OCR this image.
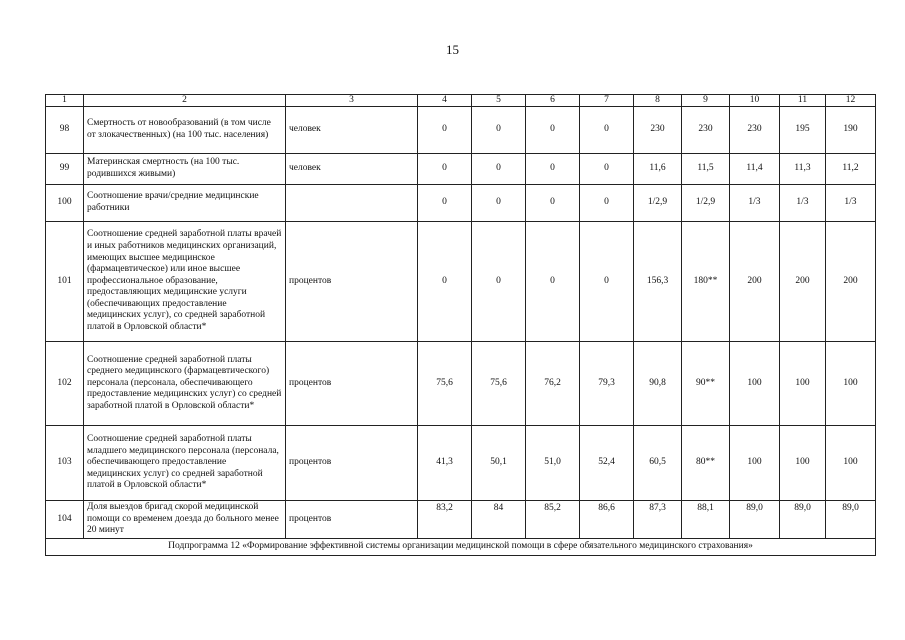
15
1	2	3	4	5	6	7	8	9	10	11	12
98	Смертность от новообразований (в том числе от злокачественных) (на 100 тыс. населения)	человек	0	0	0	0	230	230	230	195	190
99	Материнская смертность (на 100 тыс. родившихся живыми)	человек	0	0	0	0	11,6	11,5	11,4	11,3	11,2
100	Соотношение врачи/средние медицинские работники		0	0	0	0	1/2,9	1/2,9	1/3	1/3	1/3
101	Соотношение средней заработной платы врачей и иных работников медицинских организаций, имеющих высшее медицинское (фармацевтическое) или иное высшее профессиональное образование, предоставляющих медицинские услуги (обеспечивающих предоставление медицинских услуг), со средней заработной платой в Орловской области*	процентов	0	0	0	0	156,3	180**	200	200	200
102	Соотношение средней заработной платы среднего медицинского (фармацевтического) персонала (персонала, обеспечивающего предоставление медицинских услуг) со средней заработной платой в Орловской области*	процентов	75,6	75,6	76,2	79,3	90,8	90**	100	100	100
103	Соотношение средней заработной платы младшего медицинского персонала (персонала, обеспечивающего предоставление медицинских услуг) со средней заработной платой в Орловской области*	процентов	41,3	50,1	51,0	52,4	60,5	80**	100	100	100
104	Доля выездов бригад скорой медицинской помощи со временем доезда до больного менее 20 минут	процентов	83,2	84	85,2	86,6	87,3	88,1	89,0	89,0	89,0
Подпрограмма 12 «Формирование эффективной системы организации медицинской помощи в сфере обязательного медицинского страхования»											
